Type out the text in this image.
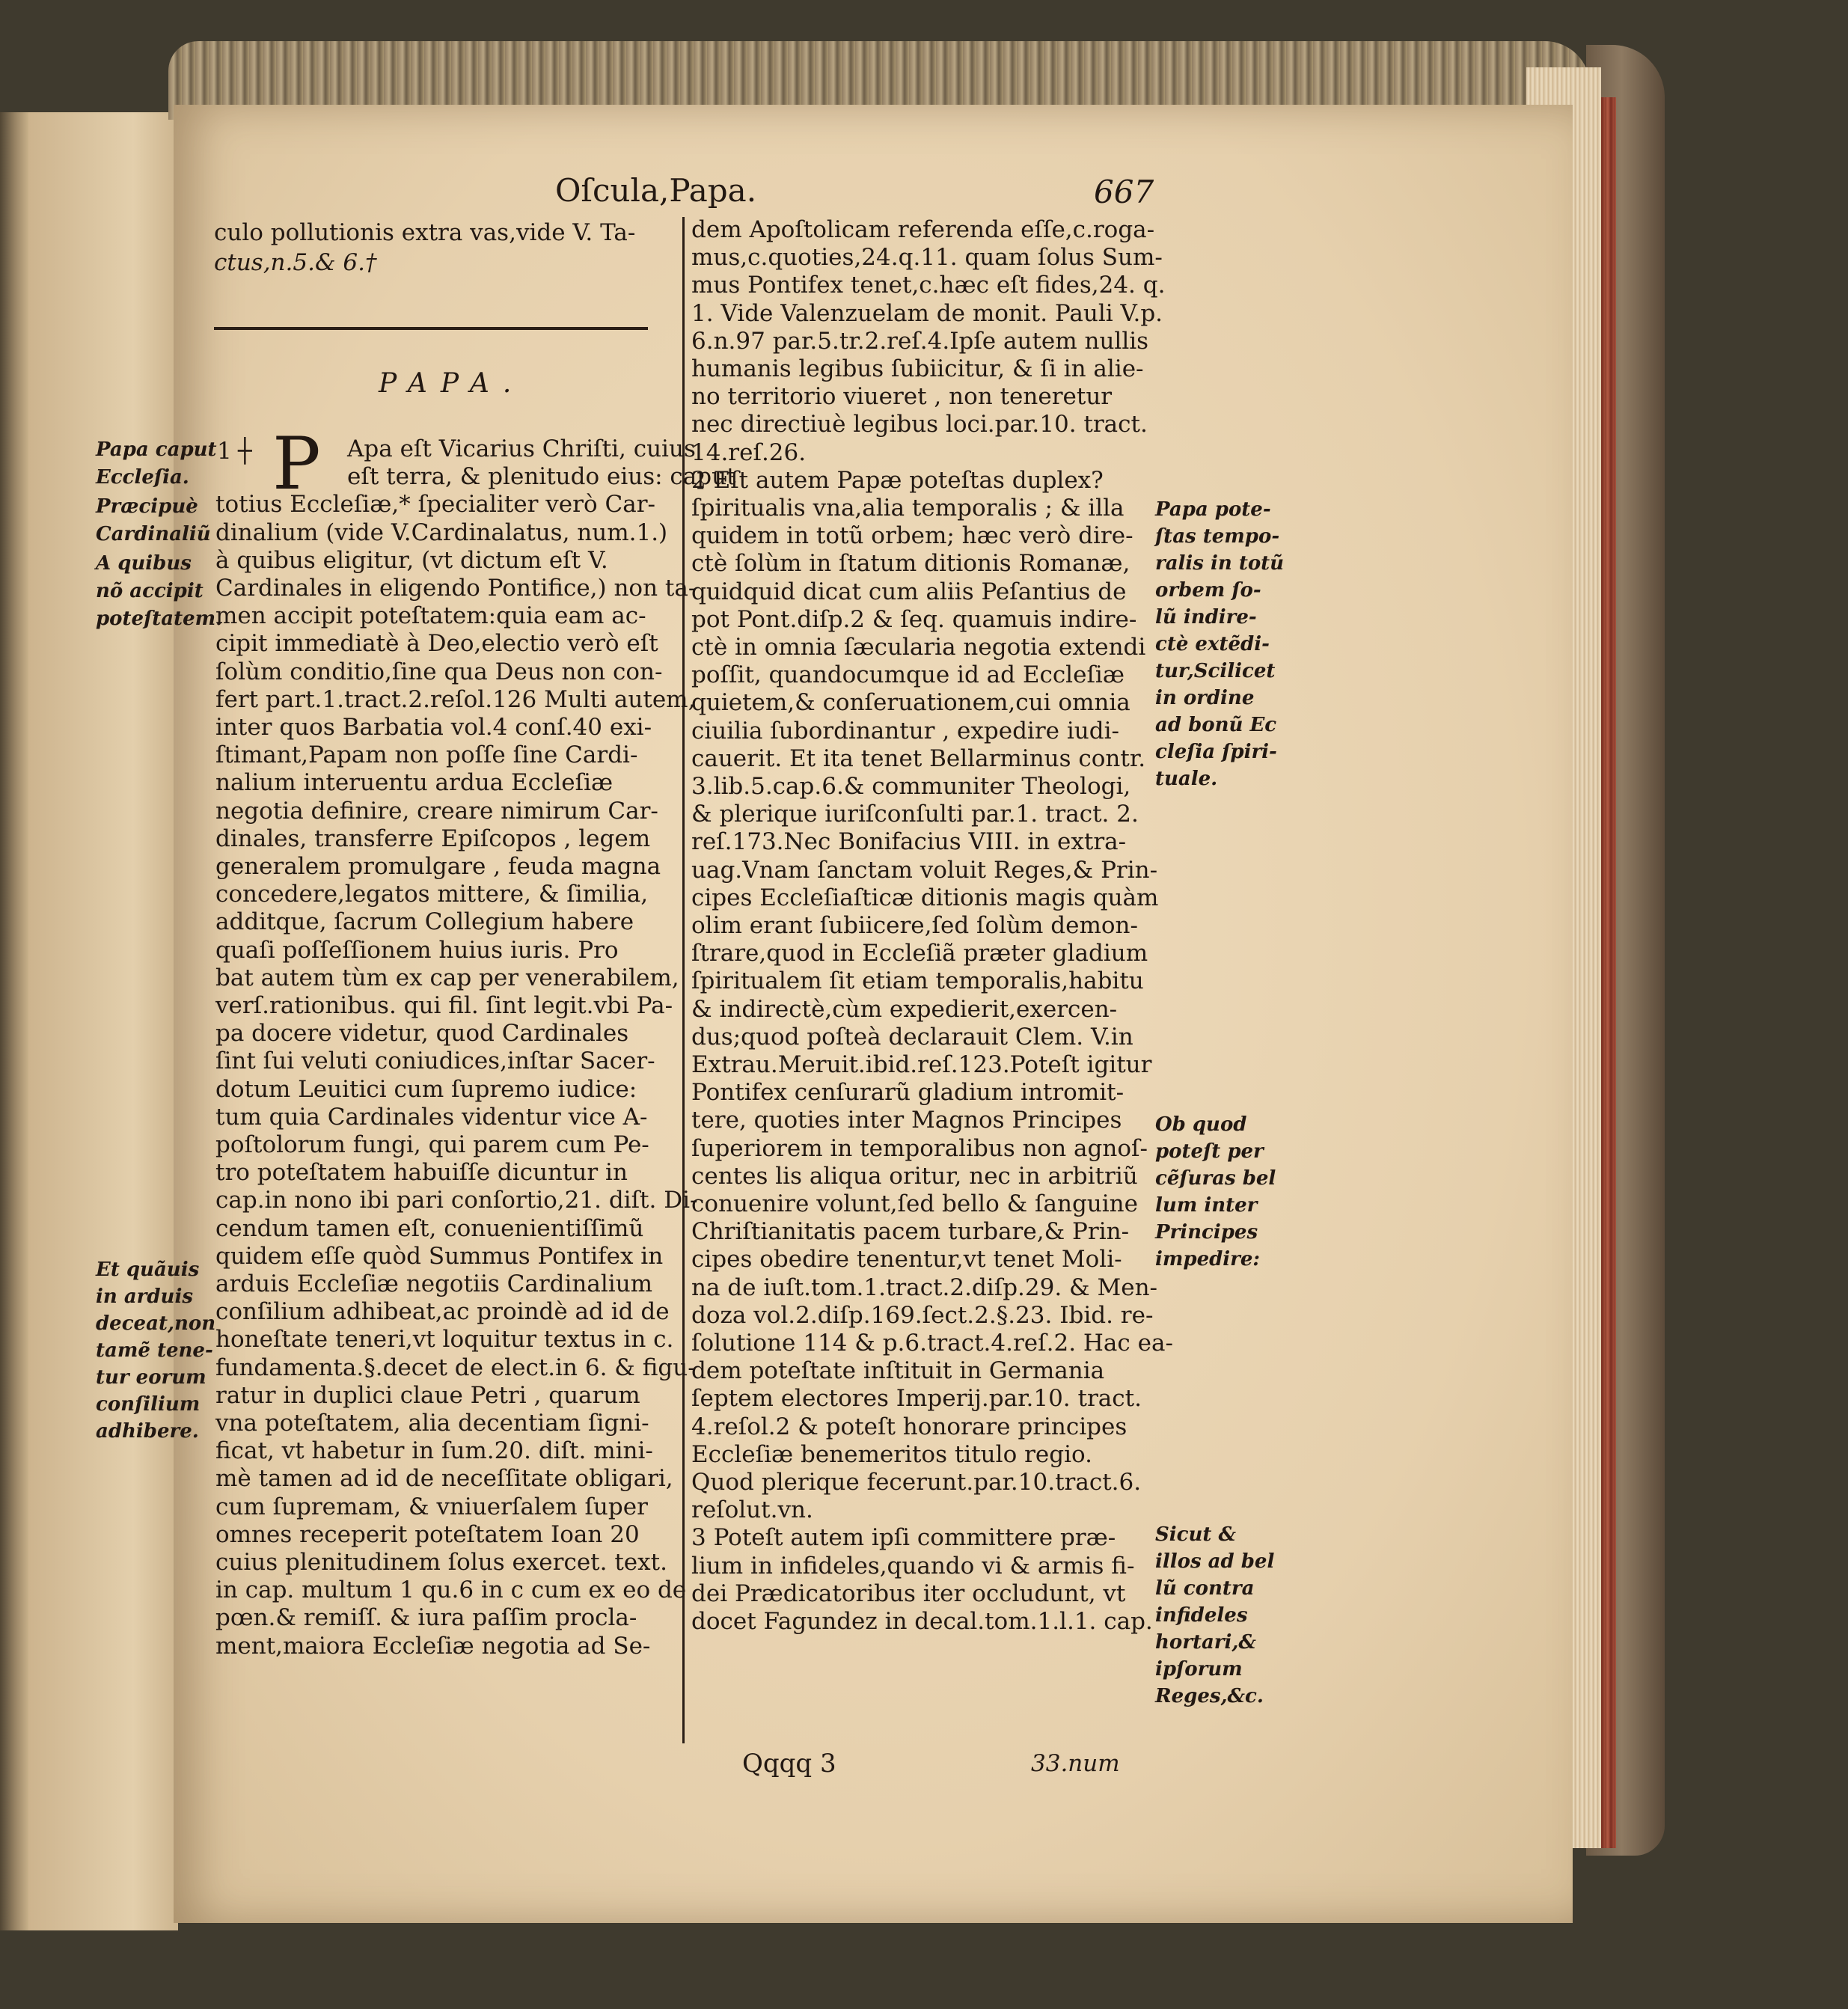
Oſcula,Papa.	667
culo pollutionis extra vas,vide V. Ta-
ctus,n.5.& 6.†
PAPA.
1 ┼ P Apa eſt Vicarius Chriſti, cuius
eſt terra, & plenitudo eius: caput
totius Eccleſiæ,* ſpecialiter verò Car-
dinalium (vide V.Cardinalatus, num.1.)
à quibus eligitur, (vt dictum eſt V.
Cardinales in eligendo Pontifice,) non ta-
men accipit poteſtatem:quia eam ac-
cipit immediatè à Deo,electio verò eſt
ſolùm conditio,ſine qua Deus non con-
fert part.1.tract.2.reſol.126 Multi autem,
inter quos Barbatia vol.4 conſ.40 exi-
ſtimant,Papam non poſſe ſine Cardi-
nalium interuentu ardua Eccleſiæ
negotia definire, creare nimirum Car-
dinales, transferre Epiſcopos , legem
generalem promulgare , feuda magna
concedere,legatos mittere, & ſimilia,
additque, ſacrum Collegium habere
quaſi poſſeſſionem huius iuris. Pro
bat autem tùm ex cap per venerabilem,
verſ.rationibus. qui fil. ſint legit.vbi Pa-
pa docere videtur, quod Cardinales
ſint ſui veluti coniudices,inſtar Sacer-
dotum Leuitici cum ſupremo iudice:
tum quia Cardinales videntur vice A-
poſtolorum fungi, qui parem cum Pe-
tro poteſtatem habuiſſe dicuntur in
cap.in nono ibi pari conſortio,21. diſt. Di-
cendum tamen eſt, conuenientiſſimũ
quidem eſſe quòd Summus Pontifex in
arduis Eccleſiæ negotiis Cardinalium
conſilium adhibeat,ac proindè ad id de
honeſtate teneri,vt loquitur textus in c.
fundamenta.§.decet de elect.in 6. & figu-
ratur in duplici claue Petri , quarum
vna poteſtatem, alia decentiam ſigni-
ficat, vt habetur in ſum.20. diſt. mini-
mè tamen ad id de neceſſitate obligari,
cum ſupremam, & vniuerſalem ſuper
omnes receperit poteſtatem Ioan 20
cuius plenitudinem ſolus exercet. text.
in cap. multum 1 qu.6 in c cum ex eo de
pœn.& remiſſ. & iura paſſim procla-
ment,maiora Eccleſiæ negotia ad Se-
Papa caput
Eccleſia.
Præcipuè
Cardinaliũ
A quibus
nõ accipit
poteſtatem.
Et quãuis
in arduis
deceat,non
tamẽ tene-
tur eorum
conſilium
adhibere.
dem Apoſtolicam referenda eſſe,c.roga-
mus,c.quoties,24.q.11. quam ſolus Sum-
mus Pontifex tenet,c.hæc eſt fides,24. q.
1. Vide Valenzuelam de monit. Pauli V.p.
6.n.97 par.5.tr.2.reſ.4.Ipſe autem nullis
humanis legibus ſubiicitur, & ſi in alie-
no territorio viueret , non teneretur
nec directiuè legibus loci.par.10. tract.
14.reſ.26.
2 Eſt autem Papæ poteſtas duplex?
ſpiritualis vna,alia temporalis ; & illa
quidem in totũ orbem; hæc verò dire-
ctè ſolùm in ſtatum ditionis Romanæ,
quidquid dicat cum aliis Peſantius de
pot Pont.diſp.2 & ſeq. quamuis indire-
ctè in omnia ſæcularia negotia extendi
poſſit, quandocumque id ad Eccleſiæ
quietem,& conſeruationem,cui omnia
ciuilia ſubordinantur , expedire iudi-
cauerit. Et ita tenet Bellarminus contr.
3.lib.5.cap.6.& communiter Theologi,
& plerique iuriſconſulti par.1. tract. 2.
reſ.173.Nec Bonifacius VIII. in extra-
uag.Vnam ſanctam voluit Reges,& Prin-
cipes Eccleſiaſticæ ditionis magis quàm
olim erant ſubiicere,ſed ſolùm demon-
ſtrare,quod in Eccleſiã præter gladium
ſpiritualem ſit etiam temporalis,habitu
& indirectè,cùm expedierit,exercen-
dus;quod poſteà declarauit Clem. V.in
Extrau.Meruit.ibid.reſ.123.Poteſt igitur
Pontifex cenſurarũ gladium intromit-
tere, quoties inter Magnos Principes
ſuperiorem in temporalibus non agnoſ-
centes lis aliqua oritur, nec in arbitriũ
conuenire volunt,ſed bello & ſanguine
Chriſtianitatis pacem turbare,& Prin-
cipes obedire tenentur,vt tenet Moli-
na de iuſt.tom.1.tract.2.diſp.29. & Men-
doza vol.2.diſp.169.ſect.2.§.23. Ibid. re-
ſolutione 114 & p.6.tract.4.reſ.2. Hac ea-
dem poteſtate inſtituit in Germania
ſeptem electores Imperij.par.10. tract.
4.reſol.2 & poteſt honorare principes
Eccleſiæ benemeritos titulo regio.
Quod plerique fecerunt.par.10.tract.6.
reſolut.vn.
3 Poteſt autem ipſi committere præ-
lium in infideles,quando vi & armis fi-
dei Prædicatoribus iter occludunt, vt
docet Fagundez in decal.tom.1.l.1. cap.
Papa pote-
ſtas tempo-
ralis in totũ
orbem ſo-
lũ indire-
ctè extẽdi-
tur,Scilicet
in ordine
ad bonũ Ec
cleſia ſpiri-
tuale.
Ob quod
poteſt per
cẽſuras bel
lum inter
Principes
impedire:
Sicut &
illos ad bel
lũ contra
infideles
hortari,&
ipſorum
Reges,&c.
Qqqq 3	33.num
